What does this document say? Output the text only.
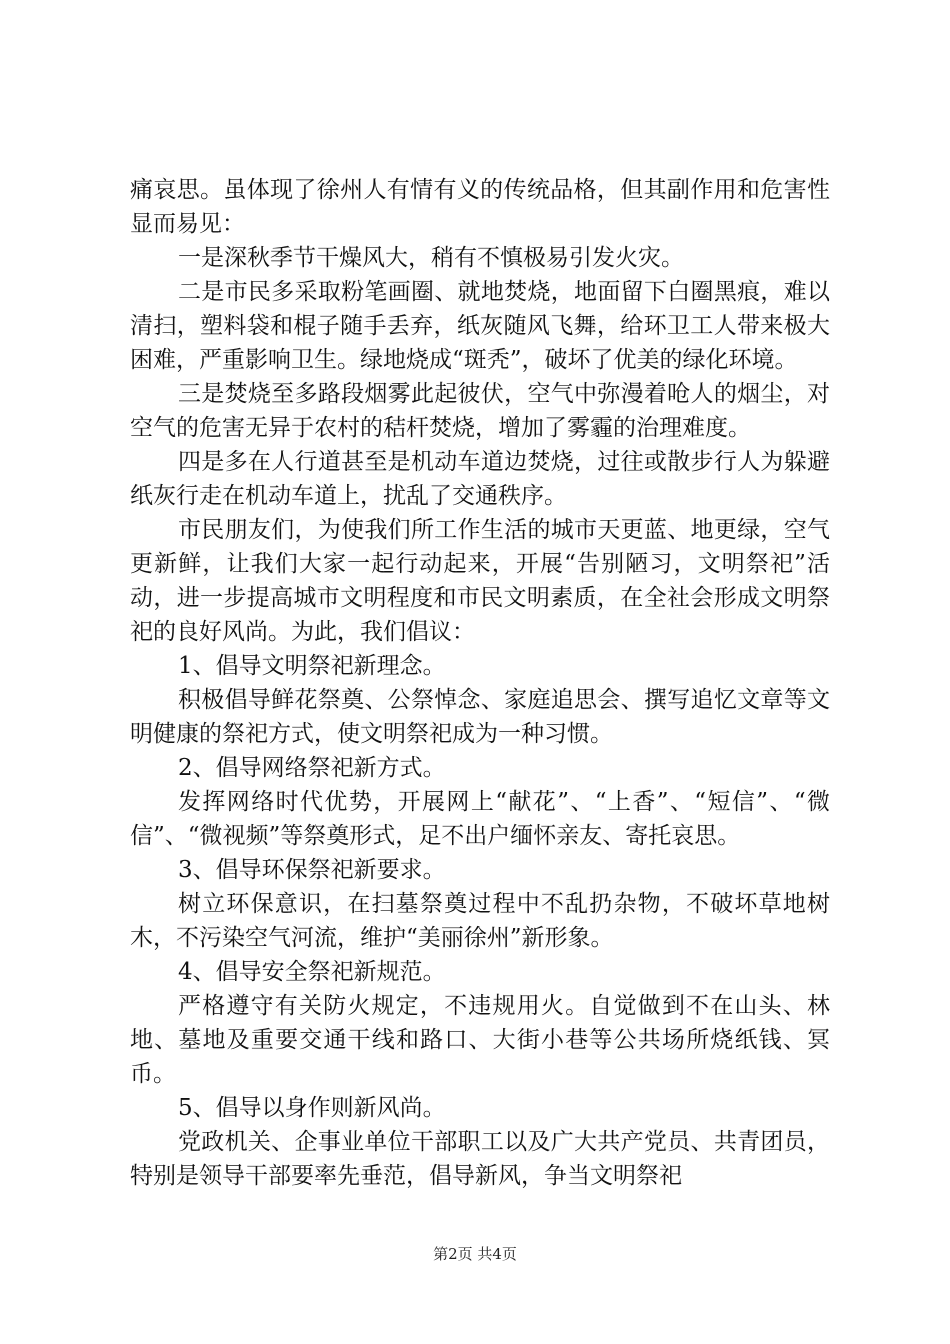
痛哀思。虽体现了徐州人有情有义的传统品格，但其副作用和危害性显而易见：

一是深秋季节干燥风大，稍有不慎极易引发火灾。

二是市民多采取粉笔画圈、就地焚烧，地面留下白圈黑痕，难以清扫，塑料袋和棍子随手丢弃，纸灰随风飞舞，给环卫工人带来极大困难，严重影响卫生。绿地烧成“斑秃”，破坏了优美的绿化环境。

三是焚烧至多路段烟雾此起彼伏，空气中弥漫着呛人的烟尘，对空气的危害无异于农村的秸杆焚烧，增加了雾霾的治理难度。

四是多在人行道甚至是机动车道边焚烧，过往或散步行人为躲避纸灰行走在机动车道上，扰乱了交通秩序。

市民朋友们，为使我们所工作生活的城市天更蓝、地更绿，空气更新鲜，让我们大家一起行动起来，开展“告别陋习，文明祭祀”活动，进一步提高城市文明程度和市民文明素质，在全社会形成文明祭祀的良好风尚。为此，我们倡议：

1、倡导文明祭祀新理念。

积极倡导鲜花祭奠、公祭悼念、家庭追思会、撰写追忆文章等文明健康的祭祀方式，使文明祭祀成为一种习惯。

2、倡导网络祭祀新方式。

发挥网络时代优势，开展网上“献花”、“上香”、“短信”、“微信”、“微视频”等祭奠形式，足不出户缅怀亲友、寄托哀思。

3、倡导环保祭祀新要求。

树立环保意识，在扫墓祭奠过程中不乱扔杂物，不破坏草地树木，不污染空气河流，维护“美丽徐州”新形象。

4、倡导安全祭祀新规范。

严格遵守有关防火规定，不违规用火。自觉做到不在山头、林地、墓地及重要交通干线和路口、大街小巷等公共场所烧纸钱、冥币。

5、倡导以身作则新风尚。

党政机关、企事业单位干部职工以及广大共产党员、共青团员，特别是领导干部要率先垂范，倡导新风，争当文明祭祀

第2页 共4页
